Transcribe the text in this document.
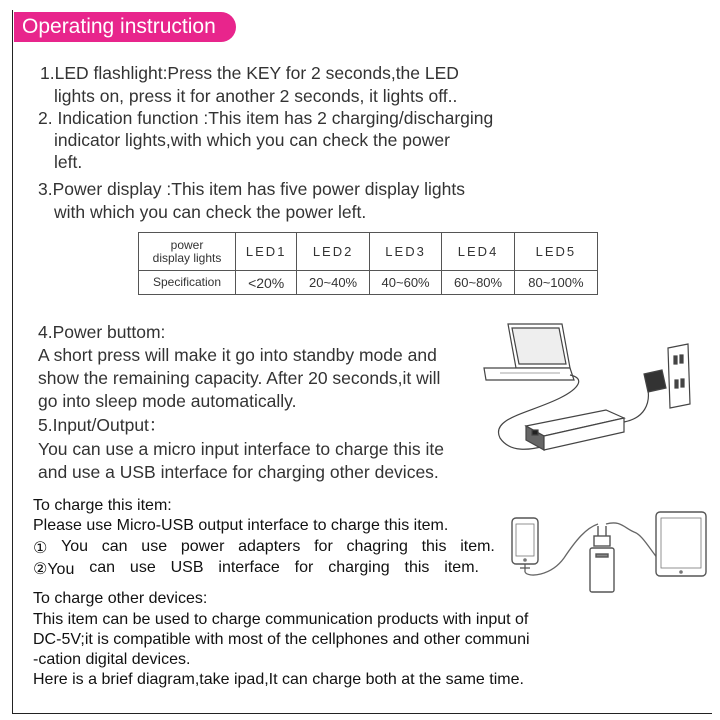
Operating instruction
1.LED flashlight:Press the KEY for 2 seconds,the LED
lights on, press it for another 2 seconds, it lights off..
2. Indication function :This item has 2 charging/discharging
indicator lights,with which you can check the power
left.
3.Power display :This item has five power display lights
with which you can check the power left.
power
display lights	LED1	LED2	LED3	LED4	LED5
Specification	<20%	20~40%	40~60%	60~80%	80~100%
4.Power buttom:
A short press will make it go into standby mode and
show the remaining capacity. After 20 seconds,it will
go into sleep mode automatically.
5.Input/Output：
You can use a micro input interface to charge this ite
and use a USB interface for charging other devices.
To charge this item:
Please use Micro-USB output interface to charge this item.
① You can use power adapters for chagring this item.
②You can use USB interface for charging this item.
To charge other devices:
This item can be used to charge communication products with input of
DC-5V;it is compatible with most of the cellphones and other communi
-cation digital devices.
Here is a brief diagram,take ipad,It can charge both at the same time.
